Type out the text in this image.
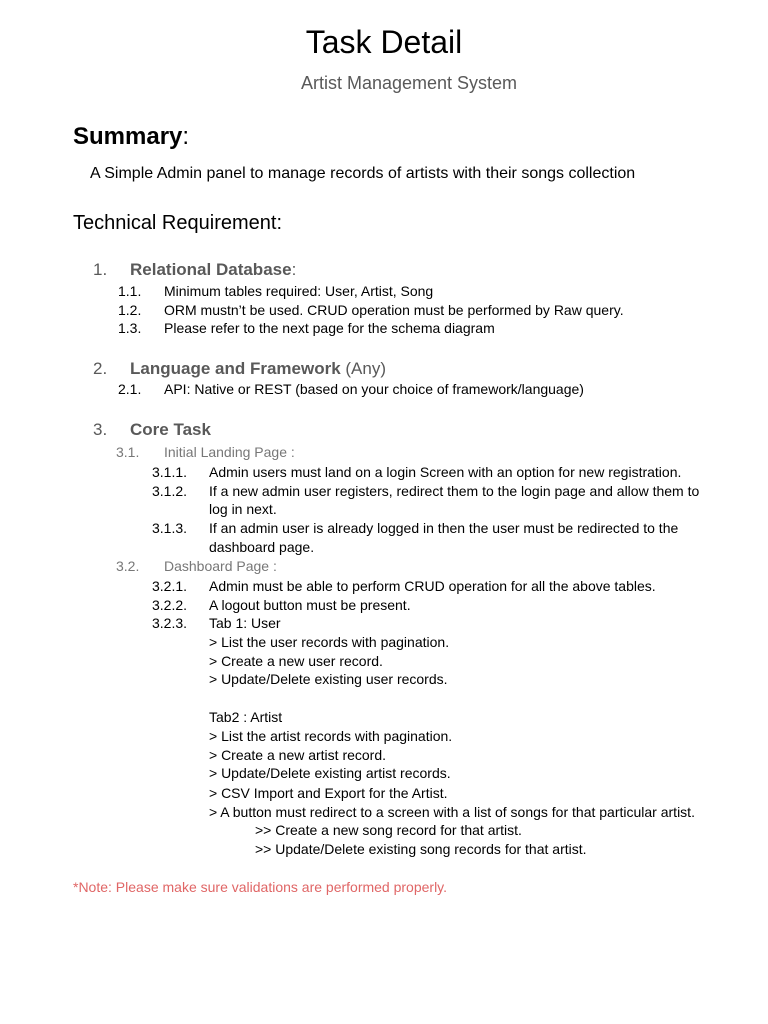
Task Detail
Artist Management System
Summary:
A Simple Admin panel to manage records of artists with their songs collection
Technical Requirement:
1. Relational Database:
1.1. Minimum tables required: User, Artist, Song
1.2. ORM mustn’t be used. CRUD operation must be performed by Raw query.
1.3. Please refer to the next page for the schema diagram
2. Language and Framework (Any)
2.1. API: Native or REST (based on your choice of framework/language)
3. Core Task
3.1. Initial Landing Page :
3.1.1. Admin users must land on a login Screen with an option for new registration.
3.1.2. If a new admin user registers, redirect them to the login page and allow them to
log in next.
3.1.3. If an admin user is already logged in then the user must be redirected to the
dashboard page.
3.2. Dashboard Page :
3.2.1. Admin must be able to perform CRUD operation for all the above tables.
3.2.2. A logout button must be present.
3.2.3. Tab 1: User
> List the user records with pagination.
> Create a new user record.
> Update/Delete existing user records.
Tab2 : Artist
> List the artist records with pagination.
> Create a new artist record.
> Update/Delete existing artist records.
> CSV Import and Export for the Artist.
> A button must redirect to a screen with a list of songs for that particular artist.
>> Create a new song record for that artist.
>> Update/Delete existing song records for that artist.
*Note: Please make sure validations are performed properly.
